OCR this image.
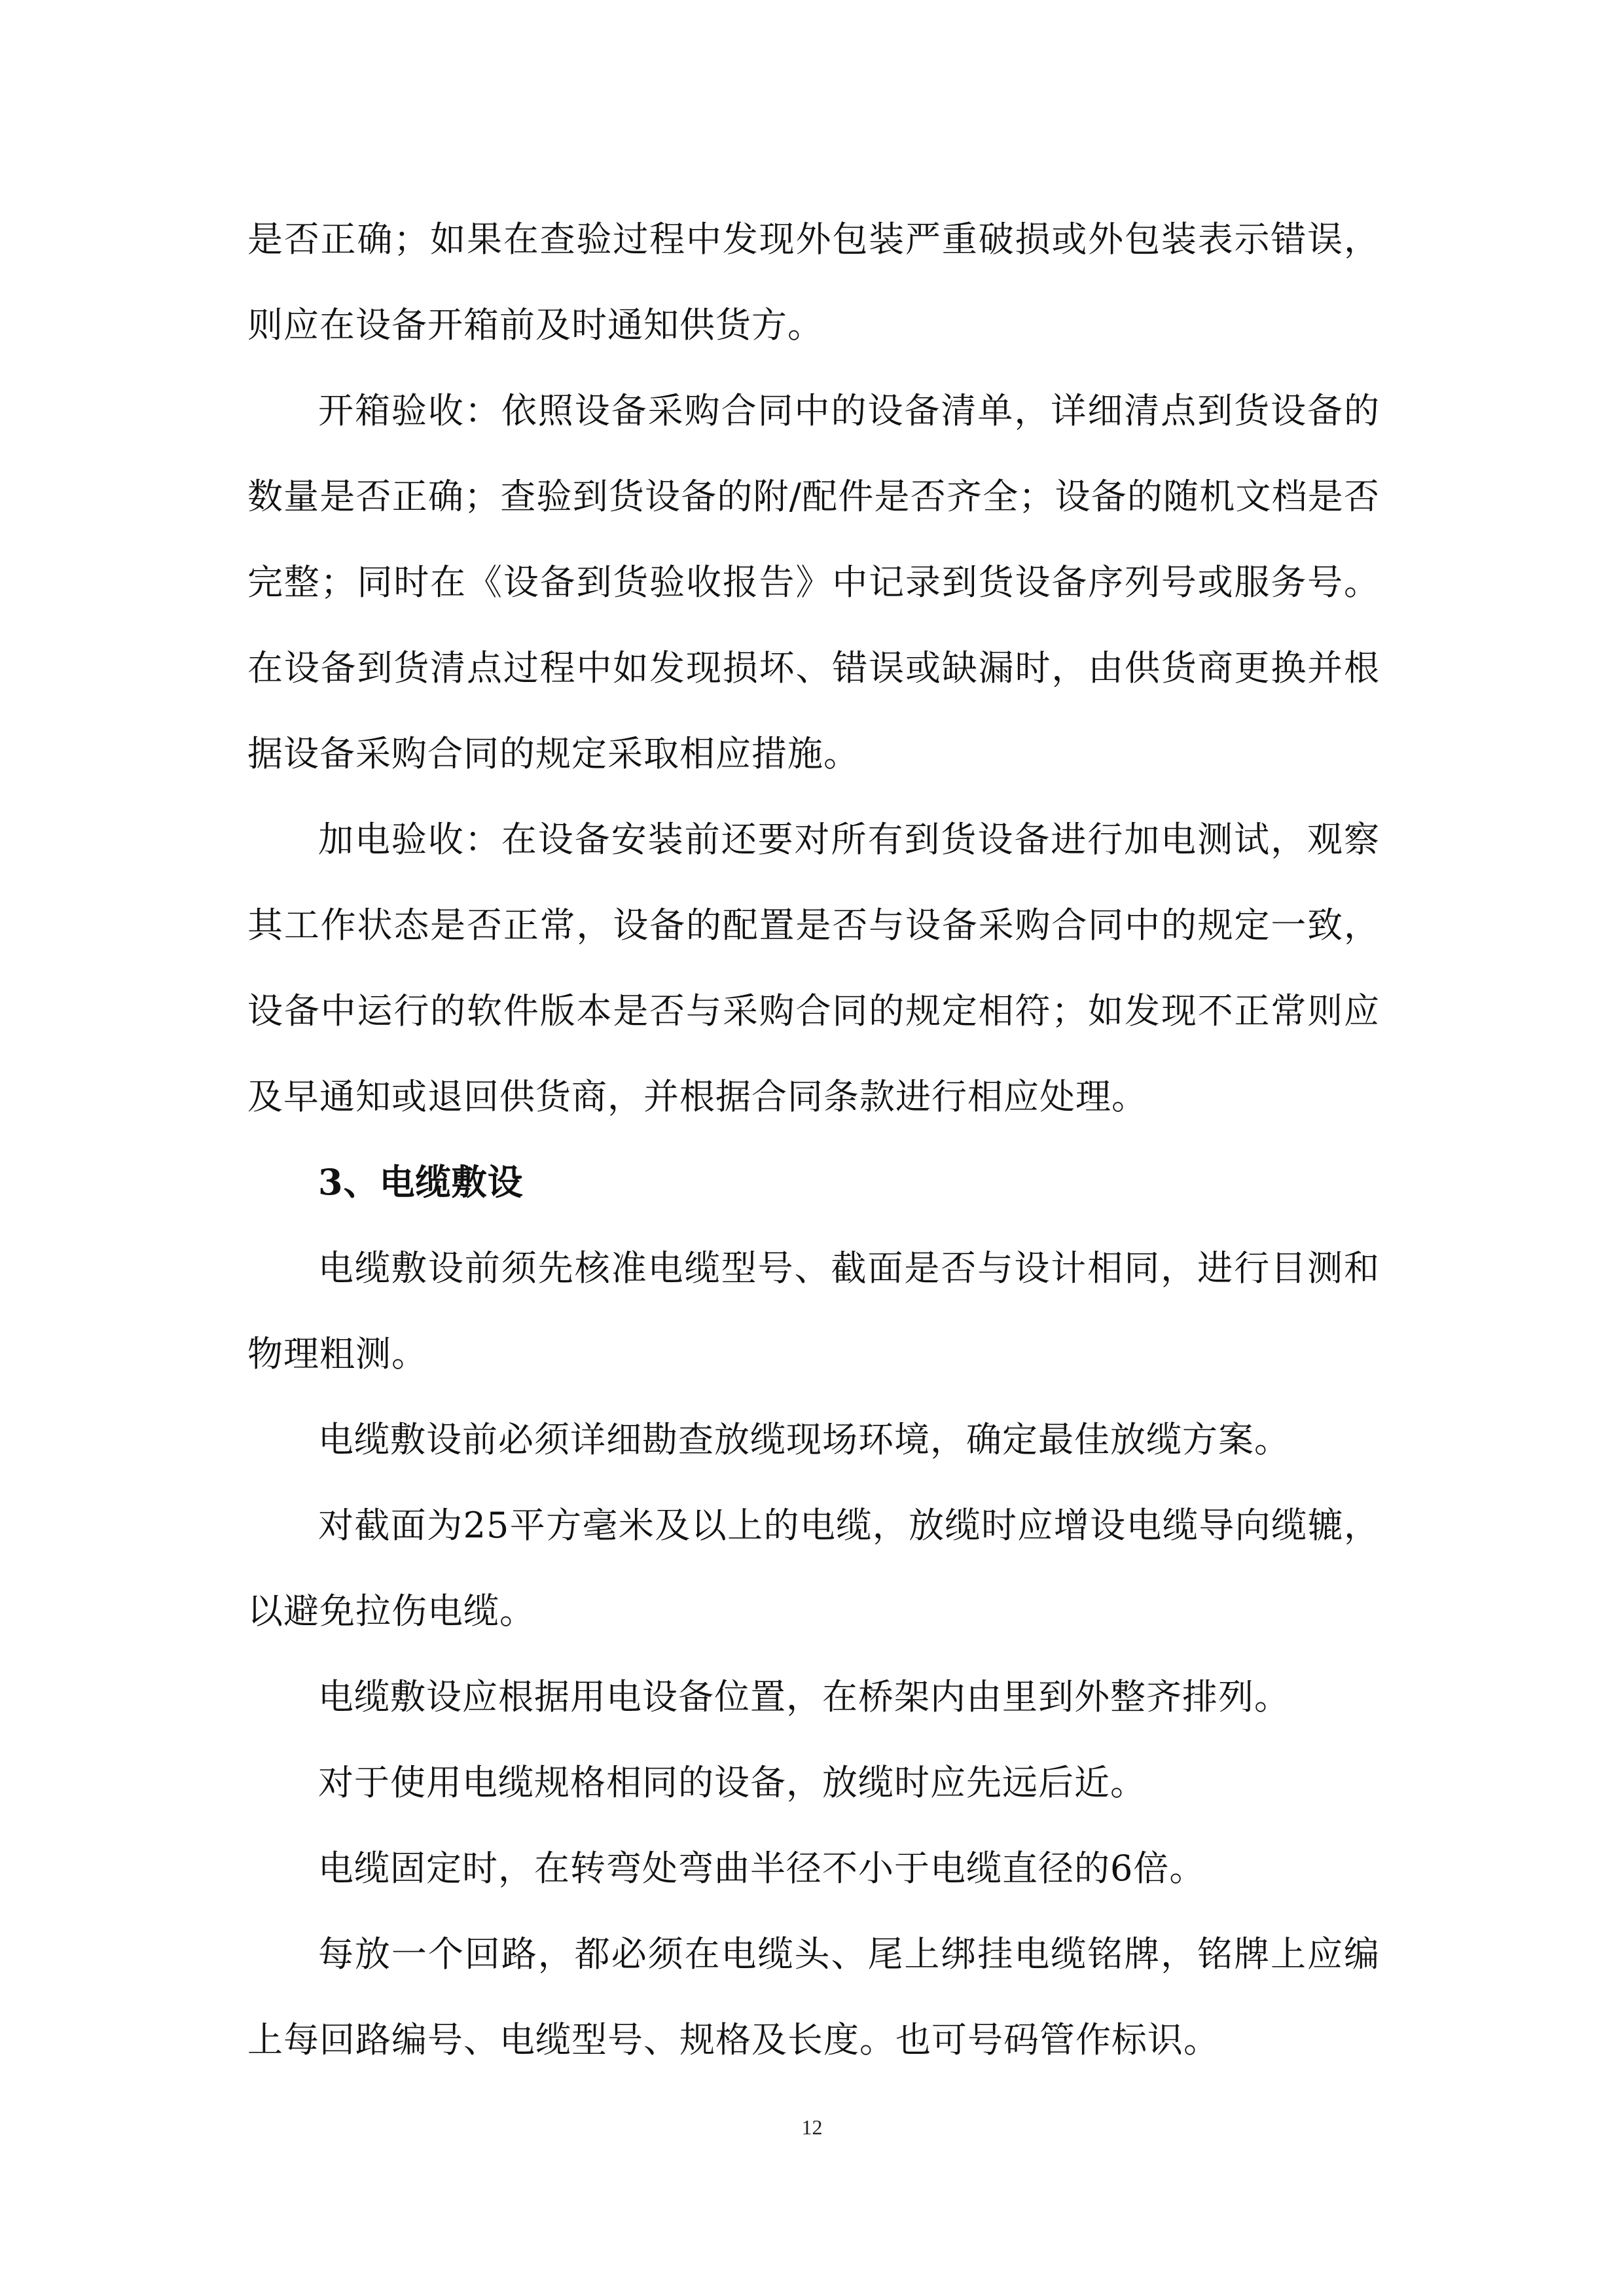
是否正确；如果在查验过程中发现外包装严重破损或外包装表示错误，则应在设备开箱前及时通知供货方。

开箱验收：依照设备采购合同中的设备清单，详细清点到货设备的数量是否正确；查验到货设备的附/配件是否齐全；设备的随机文档是否完整；同时在《设备到货验收报告》中记录到货设备序列号或服务号。在设备到货清点过程中如发现损坏、错误或缺漏时，由供货商更换并根据设备采购合同的规定采取相应措施。

加电验收：在设备安装前还要对所有到货设备进行加电测试，观察其工作状态是否正常，设备的配置是否与设备采购合同中的规定一致，设备中运行的软件版本是否与采购合同的规定相符；如发现不正常则应及早通知或退回供货商，并根据合同条款进行相应处理。

3、电缆敷设

电缆敷设前须先核准电缆型号、截面是否与设计相同，进行目测和物理粗测。

电缆敷设前必须详细勘查放缆现场环境，确定最佳放缆方案。

对截面为25平方毫米及以上的电缆，放缆时应增设电缆导向缆辘，以避免拉伤电缆。

电缆敷设应根据用电设备位置，在桥架内由里到外整齐排列。

对于使用电缆规格相同的设备，放缆时应先远后近。

电缆固定时，在转弯处弯曲半径不小于电缆直径的6倍。

每放一个回路，都必须在电缆头、尾上绑挂电缆铭牌，铭牌上应编上每回路编号、电缆型号、规格及长度。也可号码管作标识。

12
